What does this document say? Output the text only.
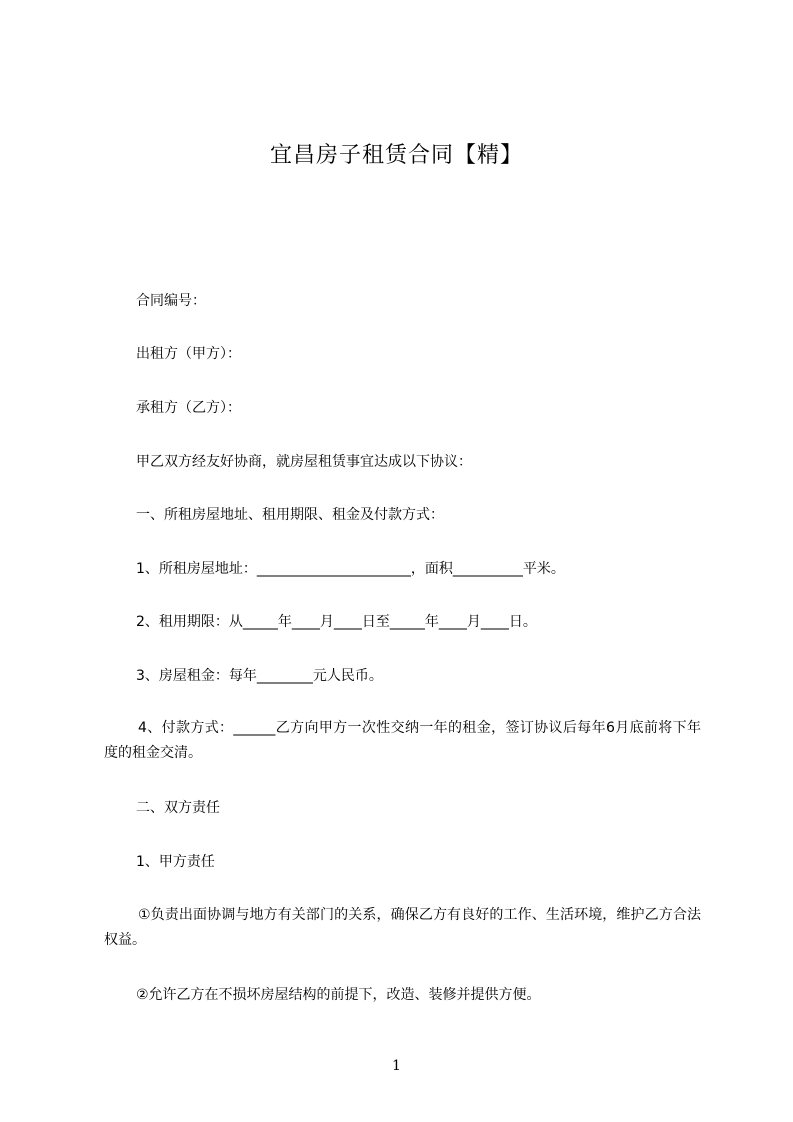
宜昌房子租赁合同【精】
合同编号：
出租方（甲方）：
承租方（乙方）：
甲乙双方经友好协商，就房屋租赁事宜达成以下协议：
一、所租房屋地址、租用期限、租金及付款方式：
1、所租房屋地址：______________________，面积__________平米。
2、租用期限：从_____年____月____日至_____年____月____日。
3、房屋租金：每年________元人民币。
4、付款方式：______乙方向甲方一次性交纳一年的租金，签订协议后每年6月底前将下年度的租金交清。
二、双方责任
1、甲方责任
①负责出面协调与地方有关部门的关系，确保乙方有良好的工作、生活环境，维护乙方合法权益。
②允许乙方在不损坏房屋结构的前提下，改造、装修并提供方便。
1
